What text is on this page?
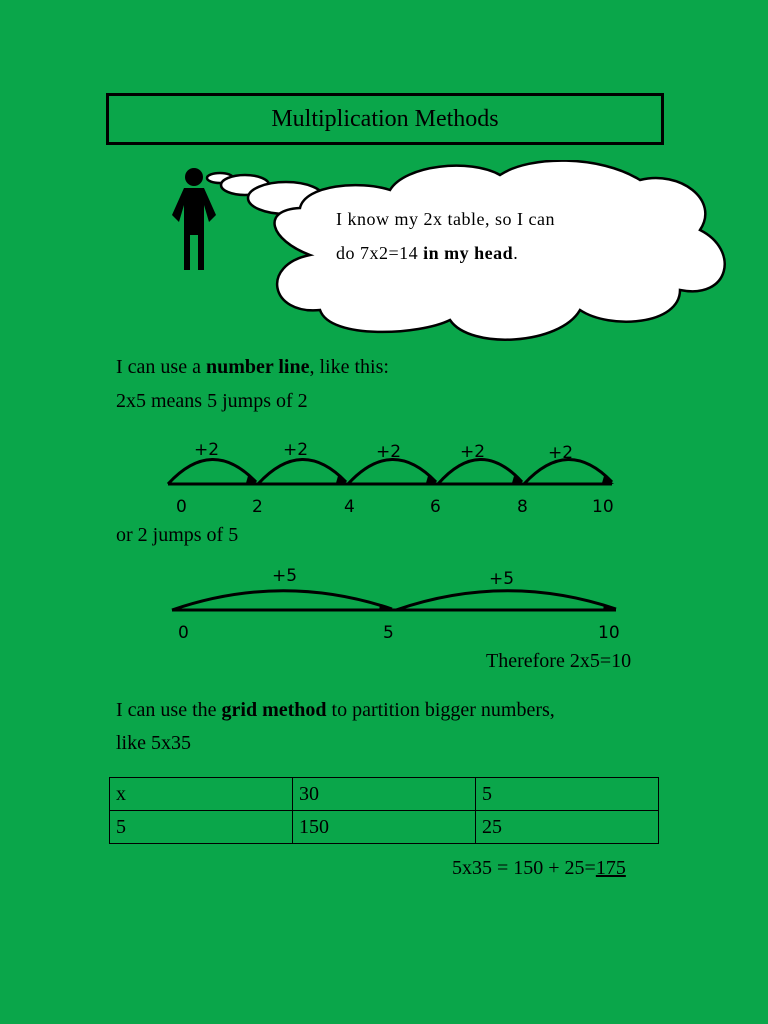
Multiplication Methods
I know my 2x table, so I can
do 7x2=14 in my head.
I can use a number line, like this:
2x5 means 5 jumps of 2
+2	+2	+2	+2	+2
0	2	4	6	8	10
or 2 jumps of 5
+5	+5
0	5	10
Therefore 2x5=10
I can use the grid method to partition bigger numbers,
like 5x35
x	30	5
5	150	25
5x35 = 150 + 25=175
